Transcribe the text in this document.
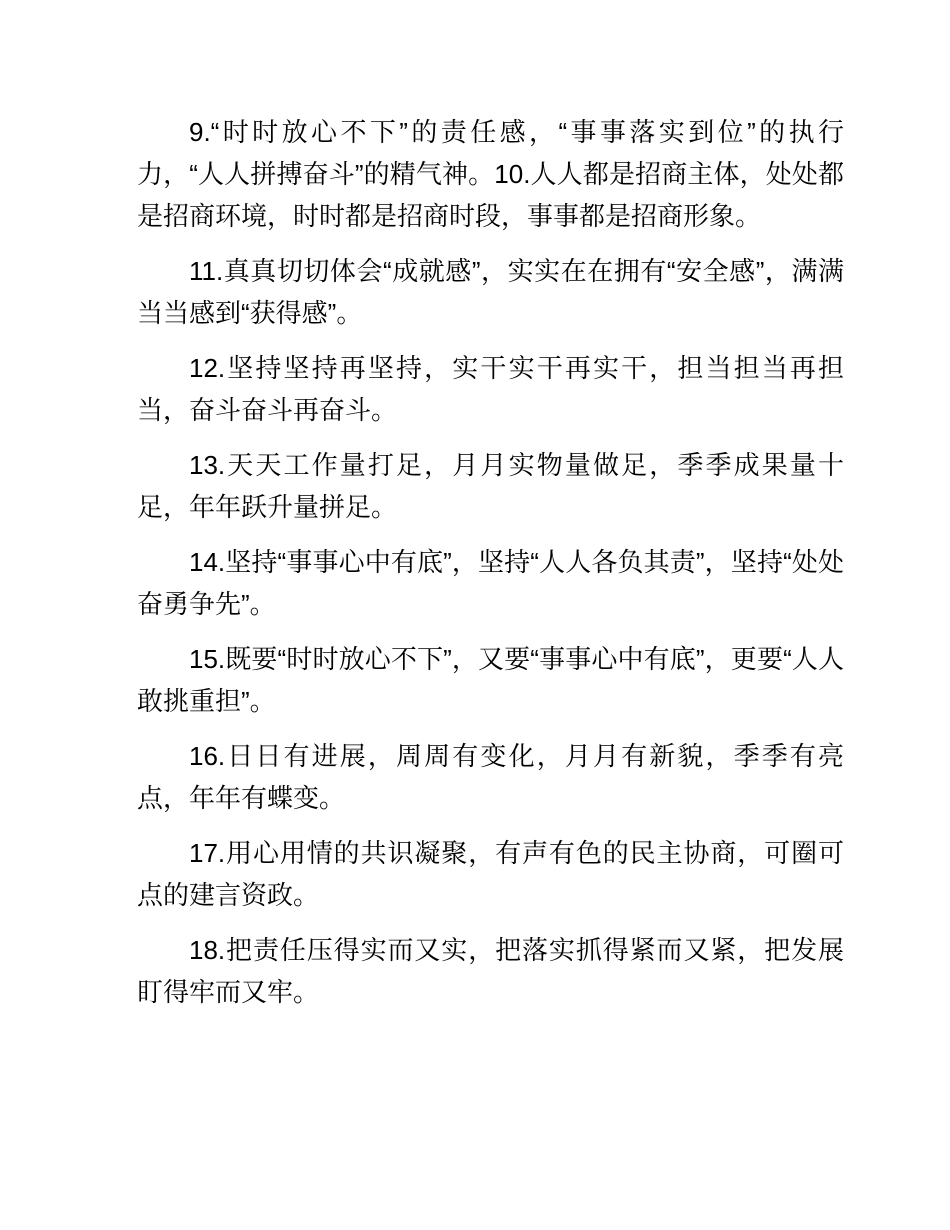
9.“时时放心不下”的责任感，“事事落实到位”的执行力，“人人拼搏奋斗”的精气神。10.人人都是招商主体，处处都是招商环境，时时都是招商时段，事事都是招商形象。

11.真真切切体会“成就感”，实实在在拥有“安全感”，满满当当感到“获得感”。

12.坚持坚持再坚持，实干实干再实干，担当担当再担当，奋斗奋斗再奋斗。

13.天天工作量打足，月月实物量做足，季季成果量十足，年年跃升量拼足。

14.坚持“事事心中有底”，坚持“人人各负其责”，坚持“处处奋勇争先”。

15.既要“时时放心不下”，又要“事事心中有底”，更要“人人敢挑重担”。

16.日日有进展，周周有变化，月月有新貌，季季有亮点，年年有蝶变。

17.用心用情的共识凝聚，有声有色的民主协商，可圈可点的建言资政。

18.把责任压得实而又实，把落实抓得紧而又紧，把发展盯得牢而又牢。
